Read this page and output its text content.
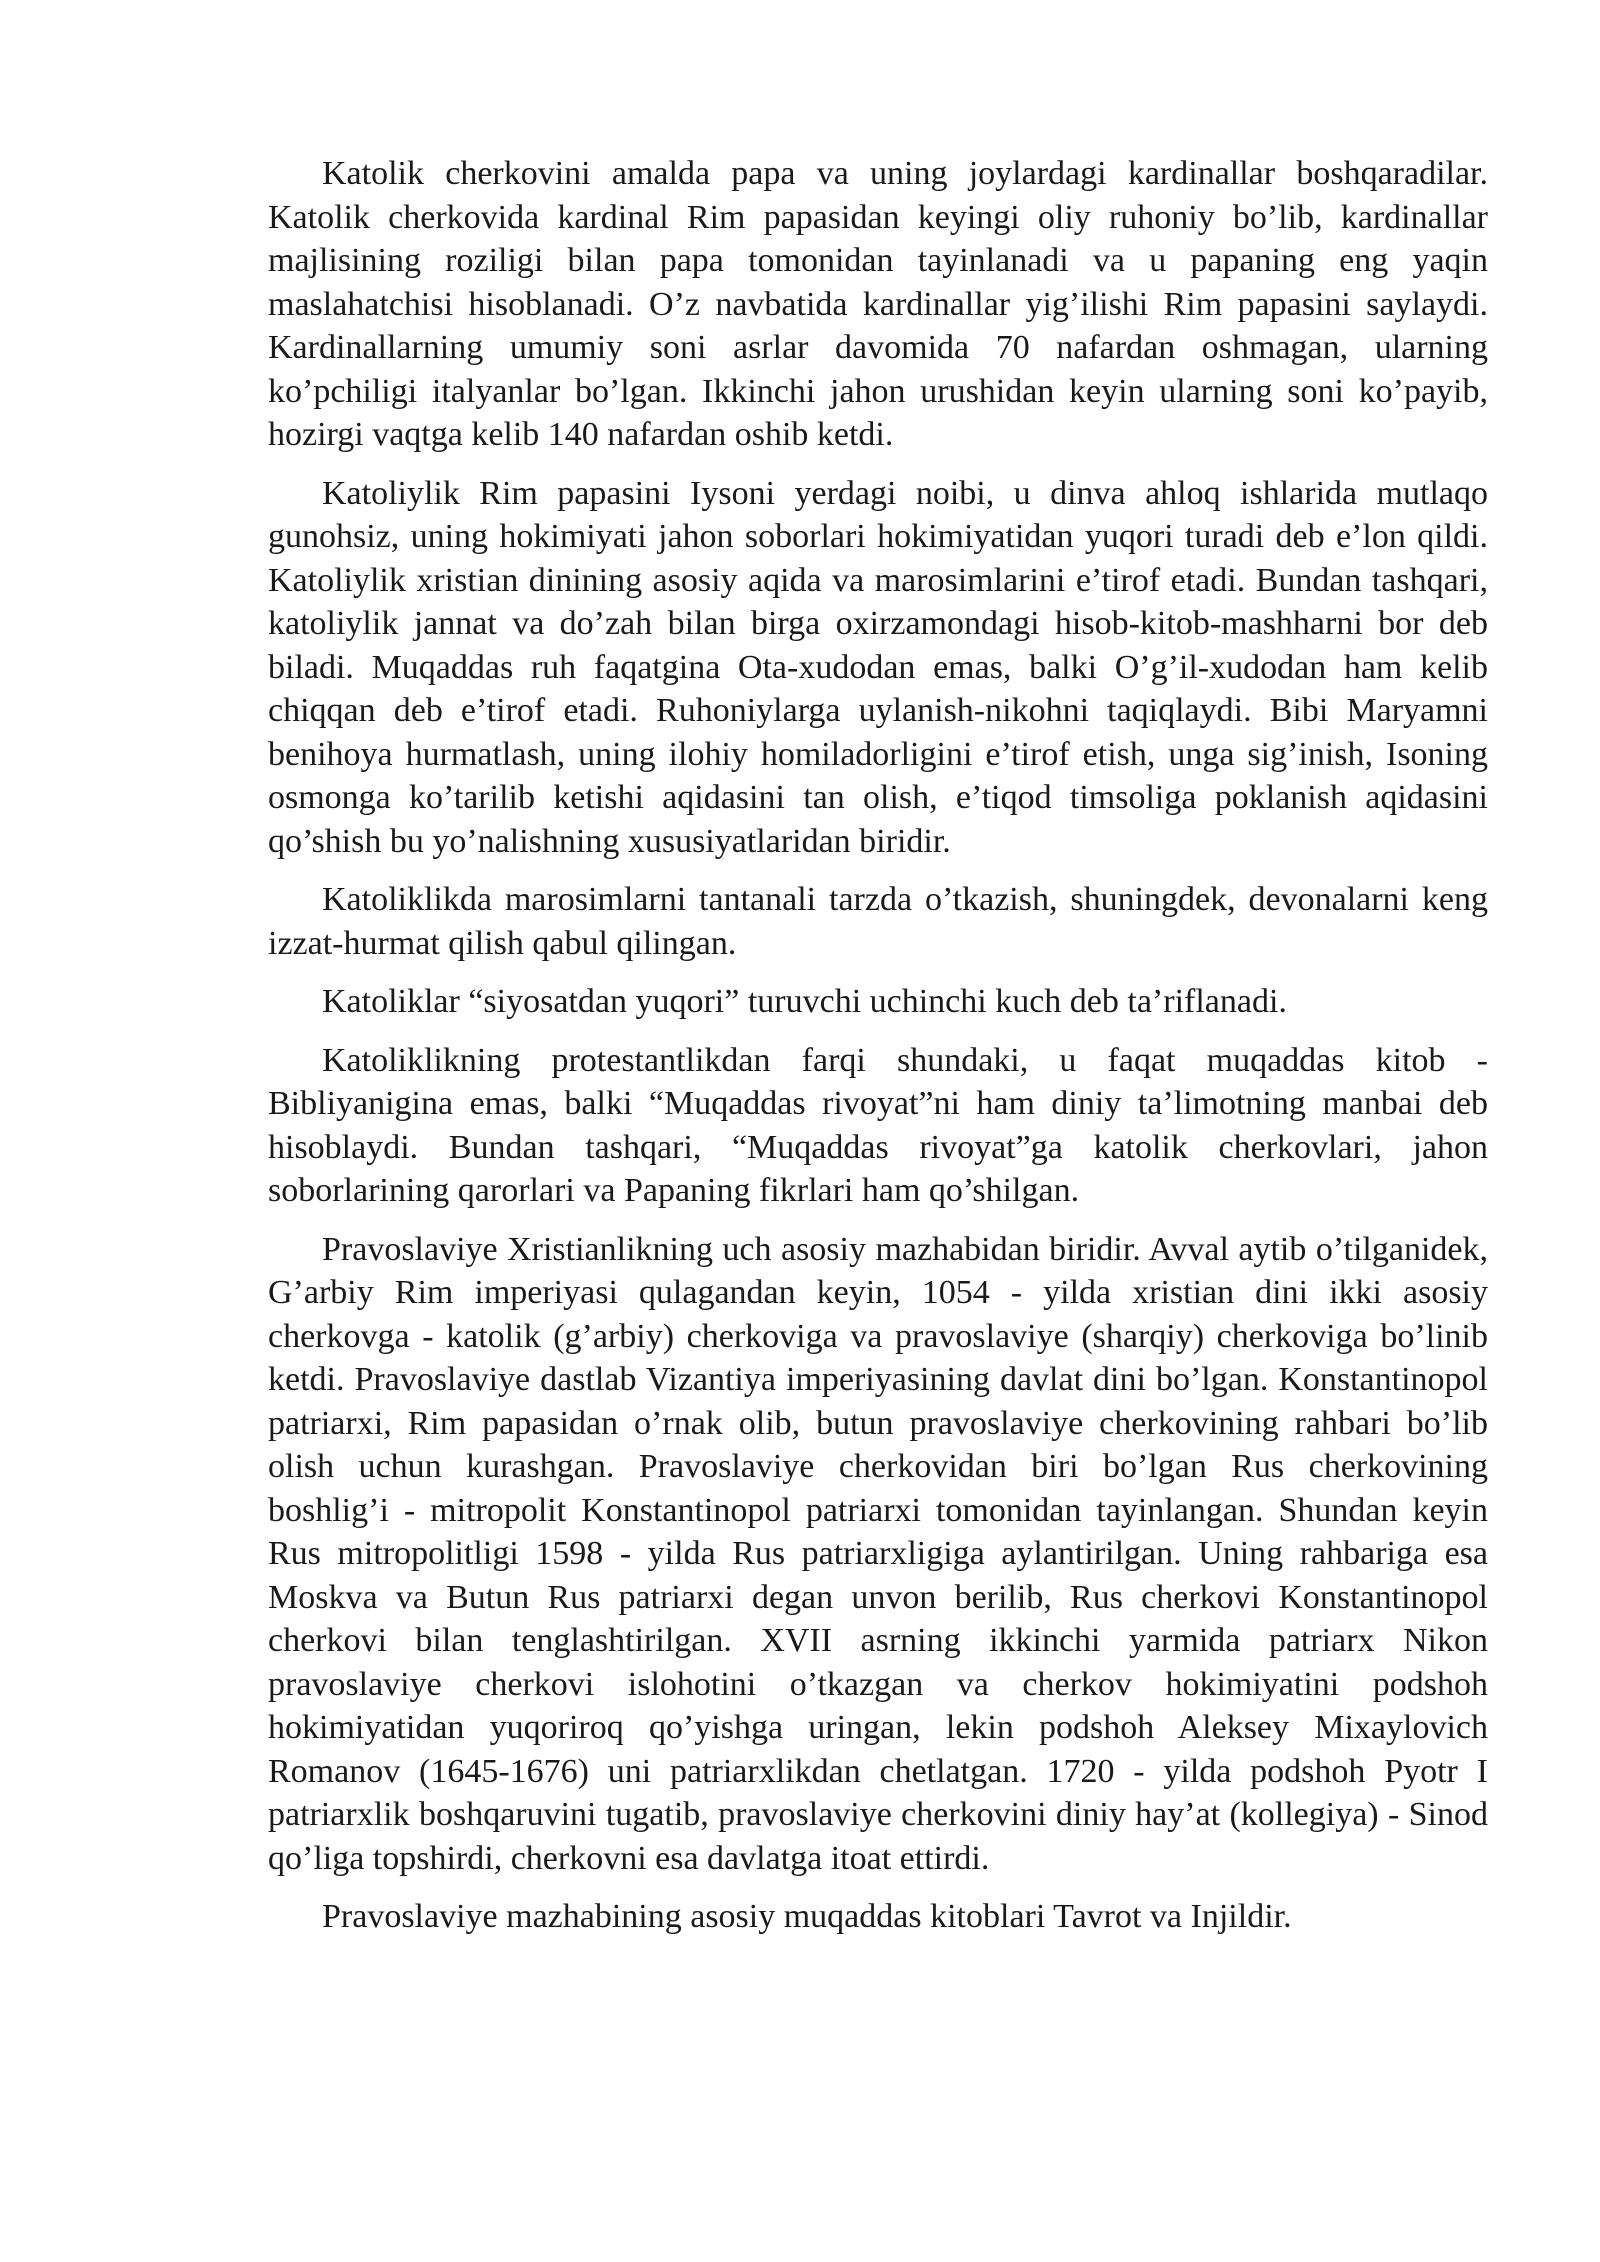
Katolik cherkovini amalda papa va uning joylardagi kardinallar boshqaradilar. Katolik cherkovida kardinal Rim papasidan keyingi oliy ruhoniy bo’lib, kardinallar majlisining roziligi bilan papa tomonidan tayinlanadi va u papaning eng yaqin maslahatchisi hisoblanadi. O’z navbatida kardinallar yig’ilishi Rim papasini saylaydi. Kardinallarning umumiy soni asrlar davomida 70 nafardan oshmagan, ularning ko’pchiligi italyanlar bo’lgan. Ikkinchi jahon urushidan keyin ularning soni ko’payib, hozirgi vaqtga kelib 140 nafardan oshib ketdi.

Katoliylik Rim papasini Iysoni yerdagi noibi, u dinva ahloq ishlarida mutlaqo gunohsiz, uning hokimiyati jahon soborlari hokimiyatidan yuqori turadi deb e’lon qildi. Katoliylik xristian dinining asosiy aqida va marosimlarini e’tirof etadi. Bundan tashqari, katoliylik jannat va do’zah bilan birga oxirzamondagi hisob-kitob-mashharni bor deb biladi. Muqaddas ruh faqatgina Ota-xudodan emas, balki O’g’il-xudodan ham kelib chiqqan deb e’tirof etadi. Ruhoniylarga uylanish-nikohni taqiqlaydi. Bibi Maryamni benihoya hurmatlash, uning ilohiy homiladorligini e’tirof etish, unga sig’inish, Isoning osmonga ko’tarilib ketishi aqidasini tan olish, e’tiqod timsoliga poklanish aqidasini qo’shish bu yo’nalishning xususiyatlaridan biridir.

Katoliklikda marosimlarni tantanali tarzda o’tkazish, shuningdek, devonalarni keng izzat-hurmat qilish qabul qilingan.

Katoliklar “siyosatdan yuqori” turuvchi uchinchi kuch deb ta’riflanadi.

Katoliklikning protestantlikdan farqi shundaki, u faqat muqaddas kitob - Bibliyanigina emas, balki “Muqaddas rivoyat”ni ham diniy ta’limotning manbai deb hisoblaydi. Bundan tashqari, “Muqaddas rivoyat”ga katolik cherkovlari, jahon soborlarining qarorlari va Papaning fikrlari ham qo’shilgan.

Pravoslaviye Xristianlikning uch asosiy mazhabidan biridir. Avval aytib o’tilganidek, G’arbiy Rim imperiyasi qulagandan keyin, 1054 - yilda xristian dini ikki asosiy cherkovga - katolik (g’arbiy) cherkoviga va pravoslaviye (sharqiy) cherkoviga bo’linib ketdi. Pravoslaviye dastlab Vizantiya imperiyasining davlat dini bo’lgan. Konstantinopol patriarxi, Rim papasidan o’rnak olib, butun pravoslaviye cherkovining rahbari bo’lib olish uchun kurashgan. Pravoslaviye cherkovidan biri bo’lgan Rus cherkovining boshlig’i - mitropolit Konstantinopol patriarxi tomonidan tayinlangan. Shundan keyin Rus mitropolitligi 1598 - yilda Rus patriarxligiga aylantirilgan. Uning rahbariga esa Moskva va Butun Rus patriarxi degan unvon berilib, Rus cherkovi Konstantinopol cherkovi bilan tenglashtirilgan. XVII asrning ikkinchi yarmida patriarx Nikon pravoslaviye cherkovi islohotini o’tkazgan va cherkov hokimiyatini podshoh hokimiyatidan yuqoriroq qo’yishga uringan, lekin podshoh Aleksey Mixaylovich Romanov (1645-1676) uni patriarxlikdan chetlatgan. 1720 - yilda podshoh Pyotr I patriarxlik boshqaruvini tugatib, pravoslaviye cherkovini diniy hay’at (kollegiya) - Sinod qo’liga topshirdi, cherkovni esa davlatga itoat ettirdi.

Pravoslaviye mazhabining asosiy muqaddas kitoblari Tavrot va Injildir.
